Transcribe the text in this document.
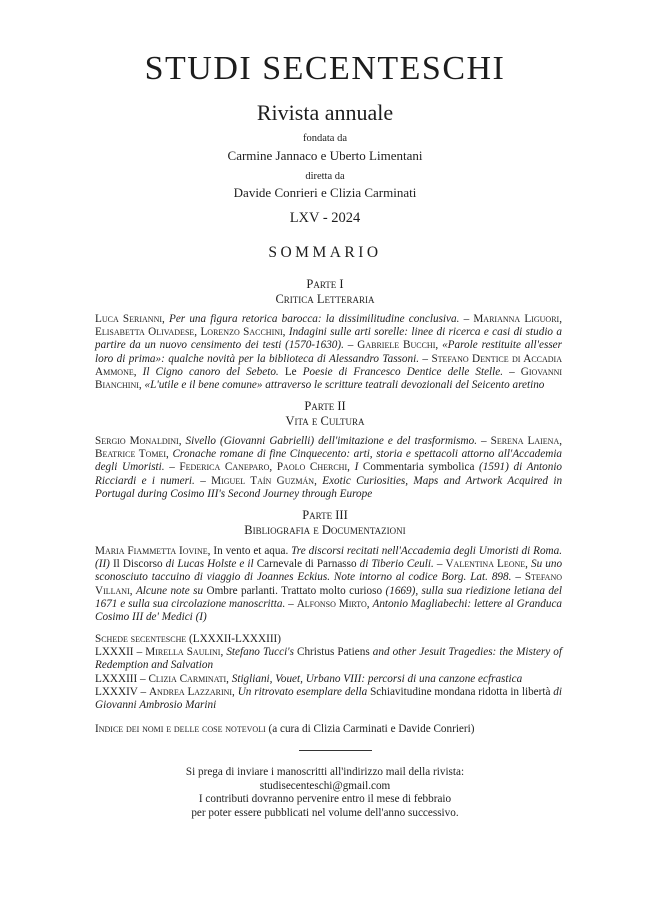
STUDI SECENTESCHI
Rivista annuale
fondata da
Carmine Jannaco e Uberto Limentani
diretta da
Davide Conrieri e Clizia Carminati
LXV - 2024
SOMMARIO
Parte I
Critica Letteraria
Luca Serianni, Per una figura retorica barocca: la dissimilitudine conclusiva. – Marianna Liguori, Elisabetta Olivadese, Lorenzo Sacchini, Indagini sulle arti sorelle: linee di ricerca e casi di studio a partire da un nuovo censimento dei testi (1570-1630). – Gabriele Bucchi, «Parole restituite all'esser loro di prima»: qualche novità per la biblioteca di Alessandro Tassoni. – Stefano Dentice di Accadia Ammone, Il Cigno canoro del Sebeto. Le Poesie di Francesco Dentice delle Stelle. – Giovanni Bianchini, «L'utile e il bene comune» attraverso le scritture teatrali devozionali del Seicento aretino
Parte II
Vita e Cultura
Sergio Monaldini, Sivello (Giovanni Gabrielli) dell'imitazione e del trasformismo. – Serena Laiena, Beatrice Tomei, Cronache romane di fine Cinquecento: arti, storia e spettacoli attorno all'Accademia degli Umoristi. – Federica Caneparo, Paolo Cherchi, I Commentaria symbolica (1591) di Antonio Ricciardi e i numeri. – Miguel Taín Guzmán, Exotic Curiosities, Maps and Artwork Acquired in Portugal during Cosimo III's Second Journey through Europe
Parte III
Bibliografia e Documentazioni
Maria Fiammetta Iovine, In vento et aqua. Tre discorsi recitati nell'Accademia degli Umoristi di Roma. (II) Il Discorso di Lucas Holste e il Carnevale di Parnasso di Tiberio Ceuli. – Valentina Leone, Su uno sconosciuto taccuino di viaggio di Joannes Eckius. Note intorno al codice Borg. Lat. 898. – Stefano Villani, Alcune note su Ombre parlanti. Trattato molto curioso (1669), sulla sua riedizione letiana del 1671 e sulla sua circolazione manoscritta. – Alfonso Mirto, Antonio Magliabechi: lettere al Granduca Cosimo III de' Medici (I)
Schede secentesche (LXXXII-LXXXIII)
LXXXII – Mirella Saulini, Stefano Tucci's Christus Patiens and other Jesuit Tragedies: the Mistery of Redemption and Salvation
LXXXIII – Clizia Carminati, Stigliani, Vouet, Urbano VIII: percorsi di una canzone ecfrastica
LXXXIV – Andrea Lazzarini, Un ritrovato esemplare della Schiavitudine mondana ridotta in libertà di Giovanni Ambrosio Marini
Indice dei nomi e delle cose notevoli (a cura di Clizia Carminati e Davide Conrieri)
Si prega di inviare i manoscritti all'indirizzo mail della rivista:
studisecenteschi@gmail.com
I contributi dovranno pervenire entro il mese di febbraio
per poter essere pubblicati nel volume dell'anno successivo.
